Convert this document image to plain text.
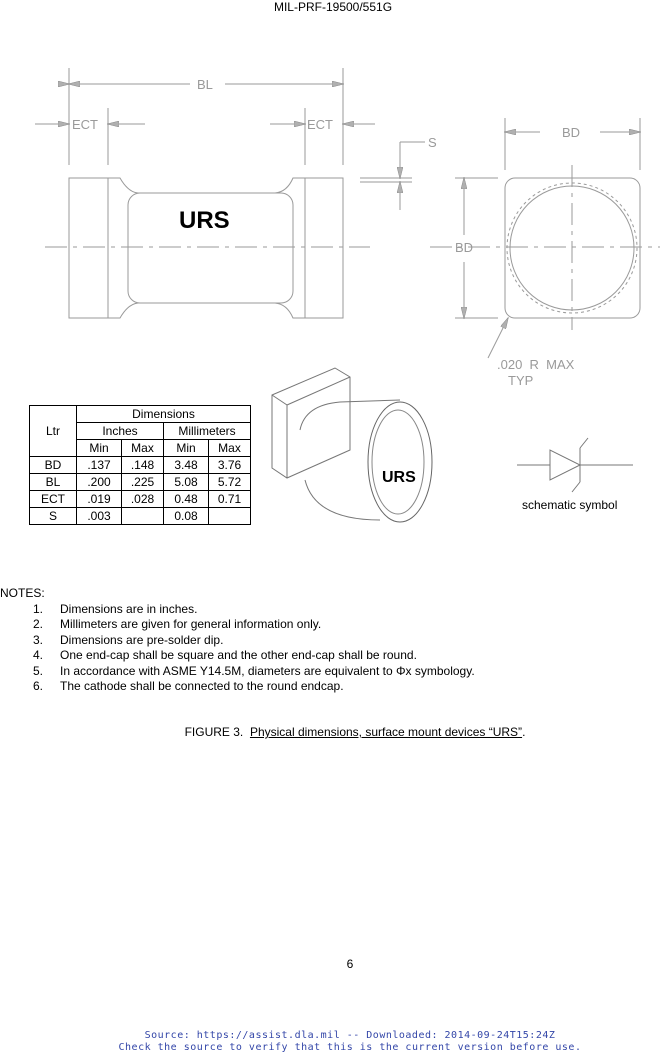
MIL-PRF-19500/551G
BL
ECT	ECT
S
BD
BD
.020  R  MAX
TYP
URS
URS
Ltr	Dimensions			
	Inches		Millimeters	
	Min	Max	Min	Max
BD	.137	.148	3.48	3.76
BL	.200	.225	5.08	5.72
ECT	.019	.028	0.48	0.71
S	.003		0.08	
schematic symbol
NOTES:
1. Dimensions are in inches.
2. Millimeters are given for general information only.
3. Dimensions are pre-solder dip.
4. One end-cap shall be square and the other end-cap shall be round.
5. In accordance with ASME Y14.5M, diameters are equivalent to Φx symbology.
6. The cathode shall be connected to the round endcap.
FIGURE 3. Physical dimensions, surface mount devices “URS”.
6
Source: https://assist.dla.mil -- Downloaded: 2014-09-24T15:24Z
Check the source to verify that this is the current version before use.
